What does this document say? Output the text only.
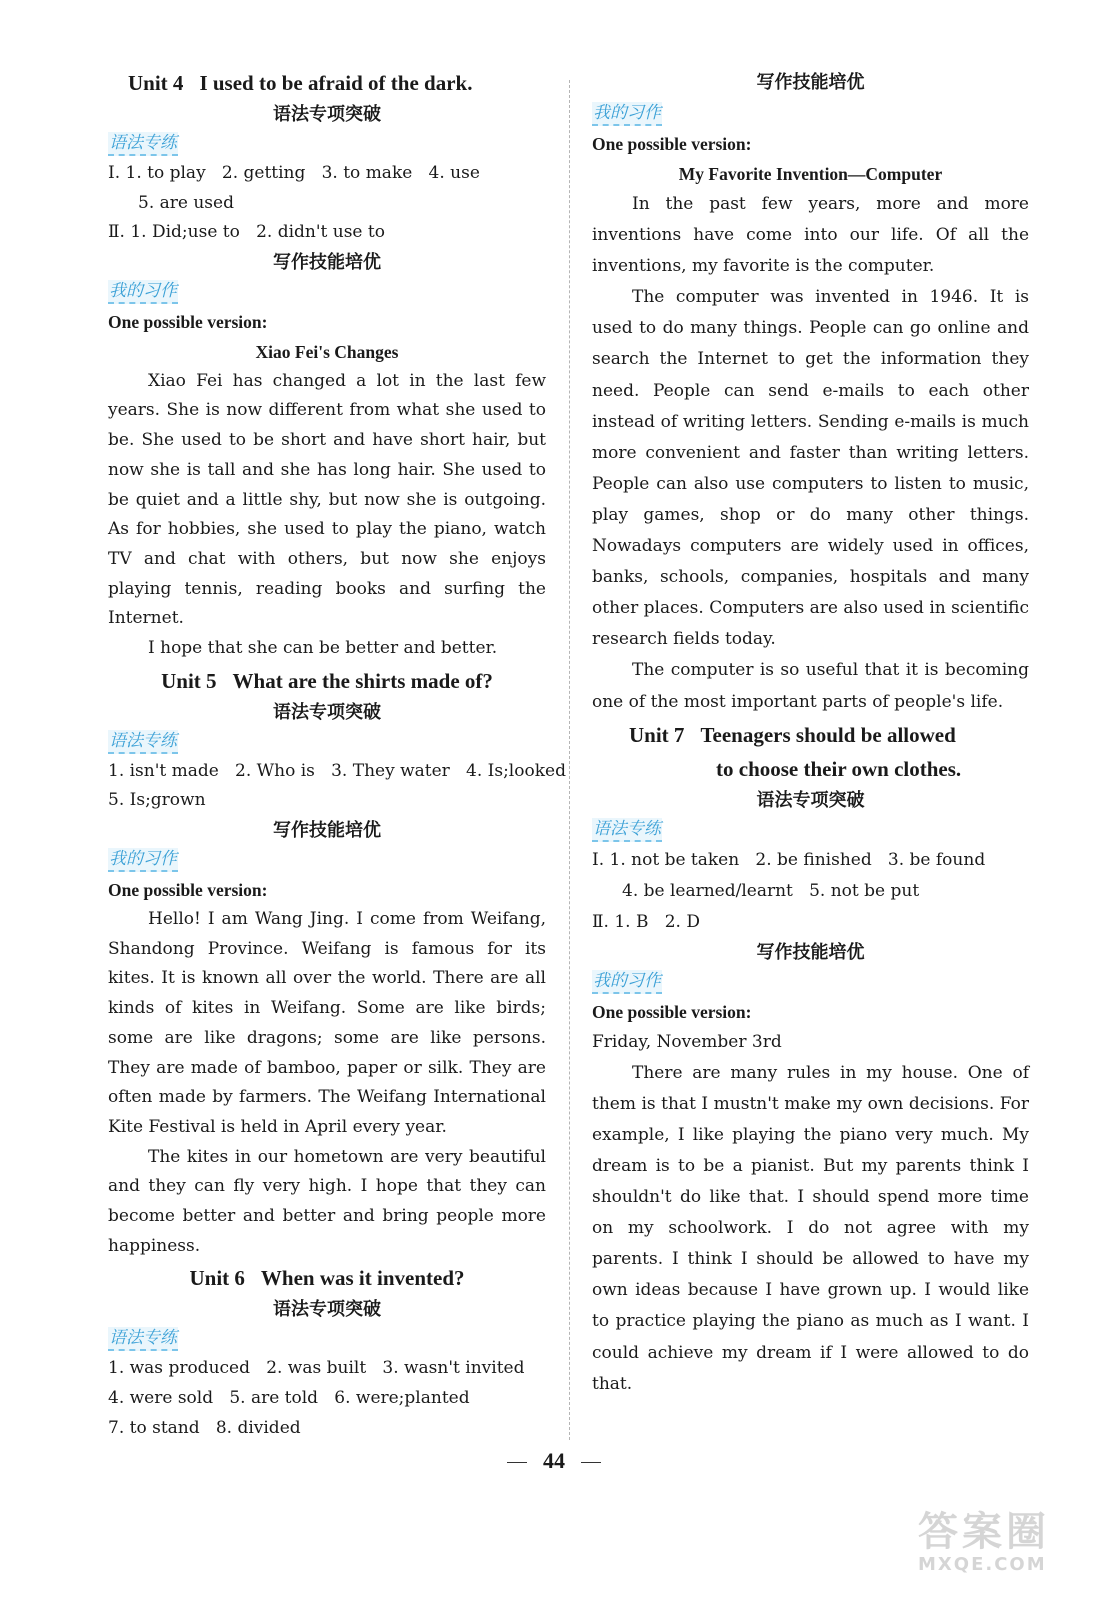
Unit 4 I used to be afraid of the dark.

语法专项突破

语法专练

Ⅰ. 1. to play   2. getting   3. to make   4. use

5. are used

Ⅱ. 1. Did;use to   2. didn't use to

写作技能培优

我的习作

One possible version:

Xiao Fei's Changes

Xiao Fei has changed a lot in the last few years. She is now different from what she used to be. She used to be short and have short hair, but now she is tall and she has long hair. She used to be quiet and a little shy, but now she is outgoing. As for hobbies, she used to play the piano, watch TV and chat with others, but now she enjoys playing tennis, reading books and surfing the Internet.

I hope that she can be better and better.

Unit 5 What are the shirts made of?

语法专项突破

语法专练

1. isn't made   2. Who is   3. They water   4. Is;looked

5. Is;grown

写作技能培优

我的习作

One possible version:

Hello! I am Wang Jing. I come from Weifang, Shandong Province. Weifang is famous for its kites. It is known all over the world. There are all kinds of kites in Weifang. Some are like birds; some are like dragons; some are like persons. They are made of bamboo, paper or silk. They are often made by farmers. The Weifang International Kite Festival is held in April every year.

The kites in our hometown are very beautiful and they can fly very high. I hope that they can become better and better and bring people more happiness.

Unit 6 When was it invented?

语法专项突破

语法专练

1. was produced   2. was built   3. wasn't invited

4. were sold   5. are told   6. were;planted

7. to stand   8. divided

写作技能培优

我的习作

One possible version:

My Favorite Invention—Computer

In the past few years, more and more inventions have come into our life. Of all the inventions, my favorite is the computer.

The computer was invented in 1946. It is used to do many things. People can go online and search the Internet to get the information they need. People can send e-mails to each other instead of writing letters. Sending e-mails is much more convenient and faster than writing letters. People can also use computers to listen to music, play games, shop or do many other things. Nowadays computers are widely used in offices, banks, schools, companies, hospitals and many other places. Computers are also used in scientific research fields today.

The computer is so useful that it is becoming one of the most important parts of people's life.

Unit 7 Teenagers should be allowed
to choose their own clothes.

语法专项突破

语法专练

Ⅰ. 1. not be taken   2. be finished   3. be found

4. be learned/learnt   5. not be put

Ⅱ. 1. B   2. D

写作技能培优

我的习作

One possible version:

Friday, November 3rd

There are many rules in my house. One of them is that I mustn't make my own decisions. For example, I like playing the piano very much. My dream is to be a pianist. But my parents think I shouldn't do like that. I should spend more time on my schoolwork. I do not agree with my parents. I think I should be allowed to have my own ideas because I have grown up. I would like to practice playing the piano as much as I want. I could achieve my dream if I were allowed to do that.

44
答案圈
MXQE.COM
